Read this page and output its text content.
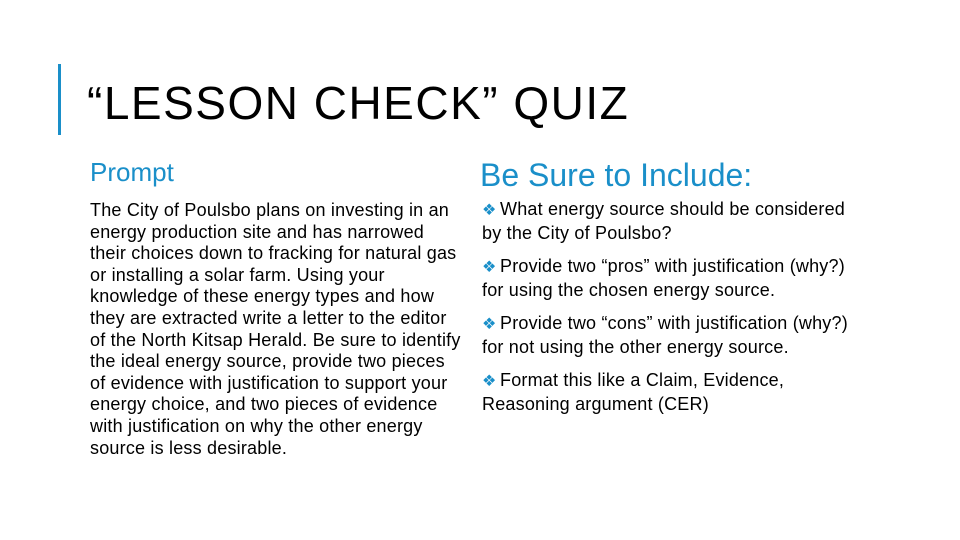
“LESSON CHECK” QUIZ
Prompt

The City of Poulsbo plans on investing in an energy production site and has narrowed their choices down to fracking for natural gas or installing a solar farm. Using your knowledge of these energy types and how they are extracted write a letter to the editor of the North Kitsap Herald. Be sure to identify the ideal energy source, provide two pieces of evidence with justification to support your energy choice, and two pieces of evidence with justification on why the other energy source is less desirable.

Be Sure to Include:
❖ What energy source should be considered by the City of Poulsbo?
❖ Provide two “pros” with justification (why?) for using the chosen energy source.
❖ Provide two “cons” with justification (why?) for not using the other energy source.
❖ Format this like a Claim, Evidence, Reasoning argument (CER)
